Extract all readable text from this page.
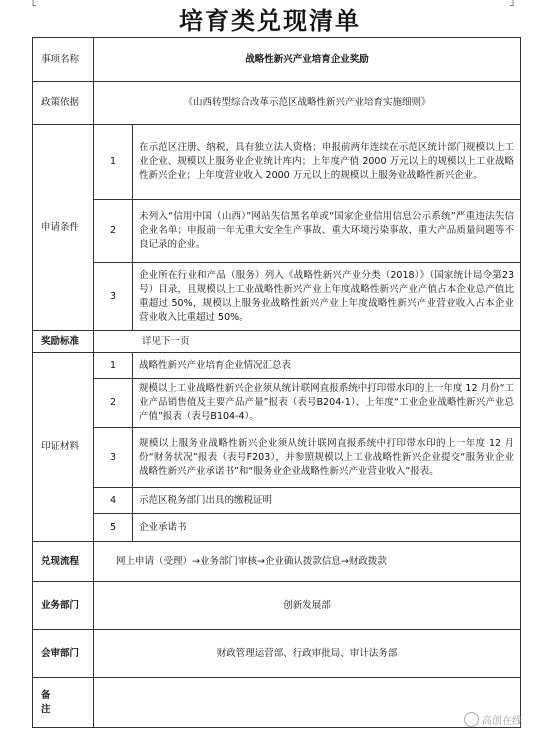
└	┘
培育类兑现清单
事项名称	战略性新兴产业培育企业奖励	
政策依据	《山西转型综合改革示范区战略性新兴产业培育实施细则》	
申请条件	1	在示范区注册、纳税，具有独立法人资格；申报前两年连续在示范区统计部门规模以上工业企业、规模以上服务业企业统计库内；上年度产值 2000 万元以上的规模以上工业战略性新兴企业；上年度营业收入 2000 万元以上的规模以上服务业战略性新兴企业。
	2	未列入“信用中国（山西）”网站失信黑名单或“国家企业信用信息公示系统”严重违法失信企业名单；申报前一年无重大安全生产事故、重大环境污染事故、重大产品质量问题等不良记录的企业。
	3	企业所在行业和产品（服务）列入《战略性新兴产业分类（2018）》（国家统计局令第23号）目录，且规模以上工业战略性新兴产业上年度战略性新兴产业产值占本企业总产值比重超过 50%，规模以上服务业战略性新兴产业上年度战略性新兴产业营业收入占本企业营业收入比重超过 50%。
奖励标准	详见下一页	
印证材料	1	战略性新兴产业培育企业情况汇总表
	2	规模以上工业战略性新兴企业须从统计联网直报系统中打印带水印的上一年度 12 月份“工业产品销售值及主要产品产量”报表（表号B204-1）、上年度“工业企业战略性新兴产业总产值”报表（表号B104-4）。
	3	规模以上服务业战略性新兴企业须从统计联网直报系统中打印带水印的上一年度 12 月份“财务状况”报表（表号F203），并参照规模以上工业战略性新兴企业提交“服务业企业战略性新兴产业承诺书”和“服务业企业战略性新兴产业营业收入”报表。
	4	示范区税务部门出具的缴税证明
	5	企业承诺书
兑现流程	网上申请（受理）→业务部门审核→企业确认拨款信息→财政拨款	
业务部门	创新发展部	
会审部门	财政管理运营部、行政审批局、审计法务部	
备注		
高创在线
